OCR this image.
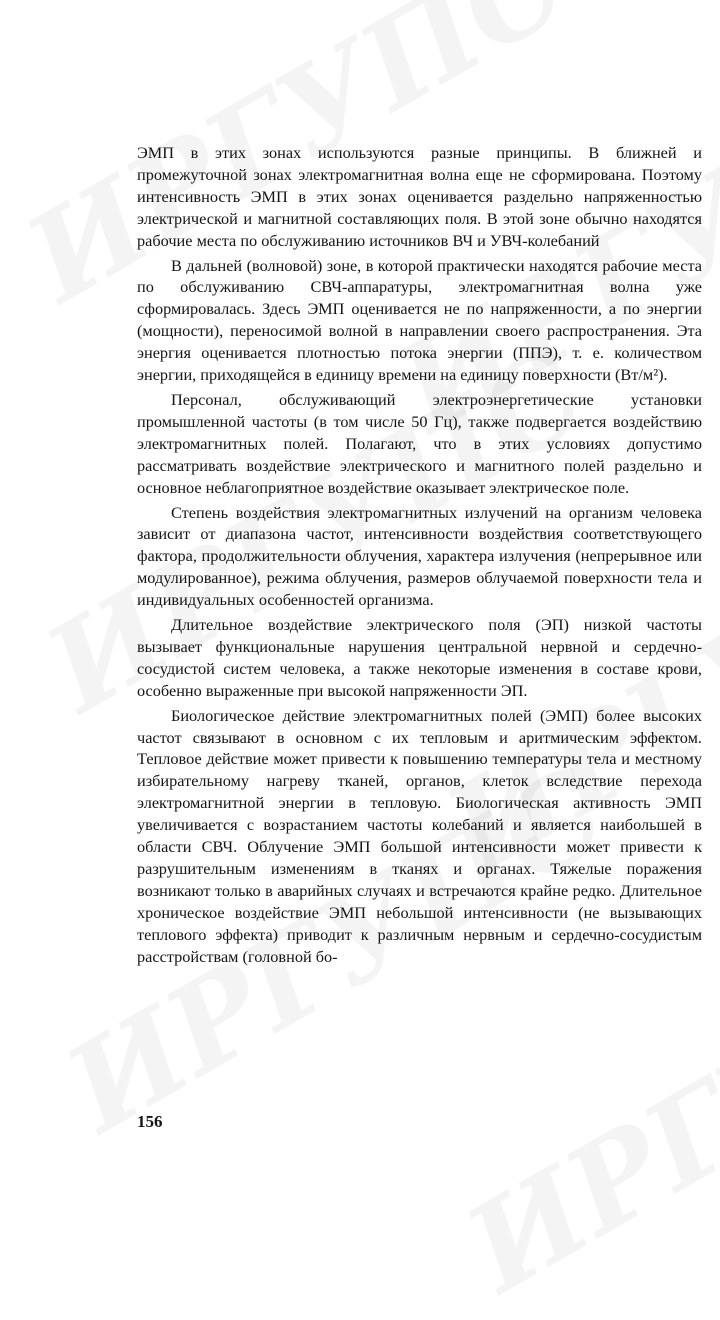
ЭМП в этих зонах используются разные принципы. В ближней и промежуточной зонах электромагнитная волна еще не сформирована. Поэтому интенсивность ЭМП в этих зонах оценивается раздельно напряженностью электрической и магнитной составляющих поля. В этой зоне обычно находятся рабочие места по обслуживанию источников ВЧ и УВЧ-колебаний

В дальней (волновой) зоне, в которой практически находятся рабочие места по обслуживанию СВЧ-аппаратуры, электромагнитная волна уже сформировалась. Здесь ЭМП оценивается не по напряженности, а по энергии (мощности), переносимой волной в направлении своего распространения. Эта энергия оценивается плотностью потока энергии (ППЭ), т. е. количеством энергии, приходящейся в единицу времени на единицу поверхности (Вт/м²).

Персонал, обслуживающий электроэнергетические установки промышленной частоты (в том числе 50 Гц), также подвергается воздействию электромагнитных полей. Полагают, что в этих условиях допустимо рассматривать воздействие электрического и магнитного полей раздельно и основное неблагоприятное воздействие оказывает электрическое поле.

Степень воздействия электромагнитных излучений на организм человека зависит от диапазона частот, интенсивности воздействия соответствующего фактора, продолжительности облучения, характера излучения (непрерывное или модулированное), режима облучения, размеров облучаемой поверхности тела и индивидуальных особенностей организма.

Длительное воздействие электрического поля (ЭП) низкой частоты вызывает функциональные нарушения центральной нервной и сердечно-сосудистой систем человека, а также некоторые изменения в составе крови, особенно выраженные при высокой напряженности ЭП.

Биологическое действие электромагнитных полей (ЭМП) более высоких частот связывают в основном с их тепловым и аритмическим эффектом. Тепловое действие может привести к повышению температуры тела и местному избирательному нагреву тканей, органов, клеток вследствие перехода электромагнитной энергии в тепловую. Биологическая активность ЭМП увеличивается с возрастанием частоты колебаний и является наибольшей в области СВЧ. Облучение ЭМП большой интенсивности может привести к разрушительным изменениям в тканях и органах. Тяжелые поражения возникают только в аварийных случаях и встречаются крайне редко. Длительное хроническое воздействие ЭМП небольшой интенсивности (не вызывающих теплового эффекта) приводит к различным нервным и сердечно-сосудистым расстройствам (головной бо-

156
